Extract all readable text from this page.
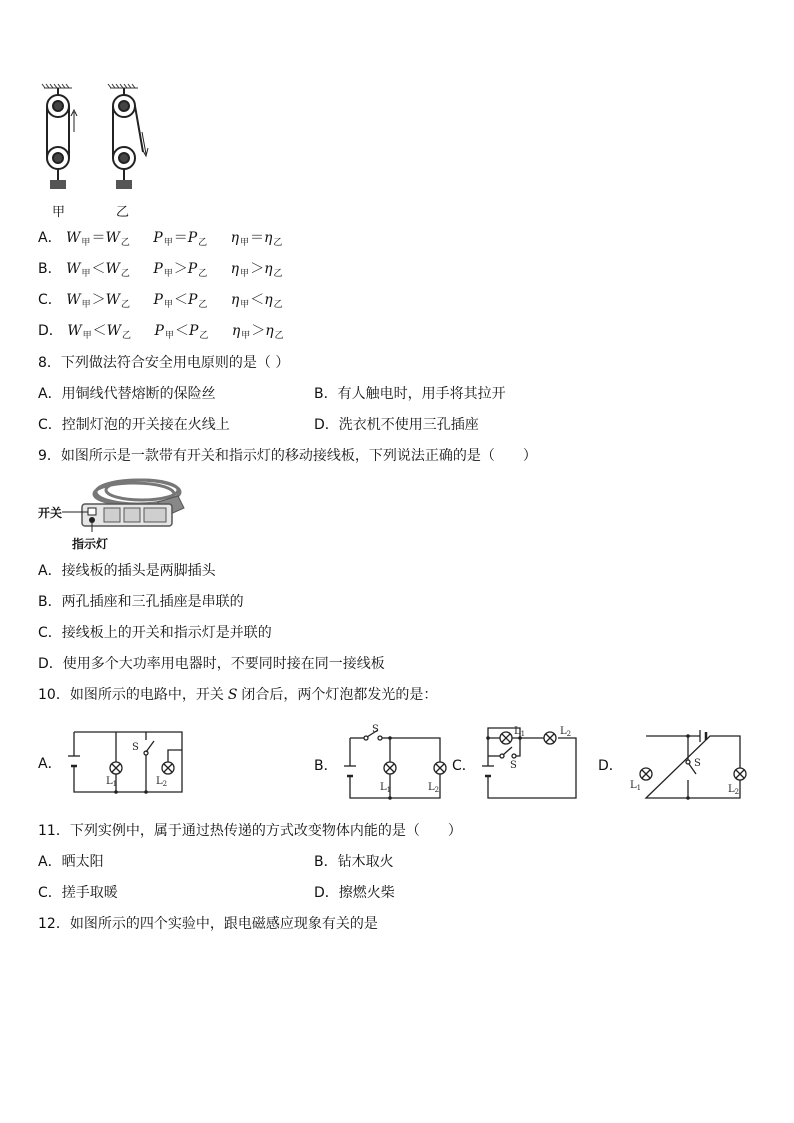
甲	乙
A． $W_甲=W_乙$ $P_甲=P_乙$ $\eta_甲=\eta_乙$
B． $W_甲<W_乙$ $P_甲>P_乙$ $\eta_甲>\eta_乙$
C． $W_甲>W_乙$ $P_甲<P_乙$ $\eta_甲<\eta_乙$
D． $W_甲<W_乙$ $P_甲<P_乙$ $\eta_甲>\eta_乙$
8．下列做法符合安全用电原则的是（ ）
A．用铜线代替熔断的保险丝	B．有人触电时，用手将其拉开
C．控制灯泡的开关接在火线上	D．洗衣机不使用三孔插座
9．如图所示是一款带有开关和指示灯的移动接线板，下列说法正确的是（　　）
开关
指示灯
A．接线板的插头是两脚插头
B．两孔插座和三孔插座是串联的
C．接线板上的开关和指示灯是并联的
D．使用多个大功率用电器时，不要同时接在同一接线板
10．如图所示的电路中，开关 S 闭合后，两个灯泡都发光的是：
A．	B．	C．	D．
S
$L_1$	$L_2$
S
$L_1$	$L_2$
S
$L_1$	$L_2$
S
$L_1$	$L_2$
11．下列实例中，属于通过热传递的方式改变物体内能的是（　　）
A．晒太阳	B．钻木取火
C．搓手取暖	D．擦燃火柴
12．如图所示的四个实验中，跟电磁感应现象有关的是
